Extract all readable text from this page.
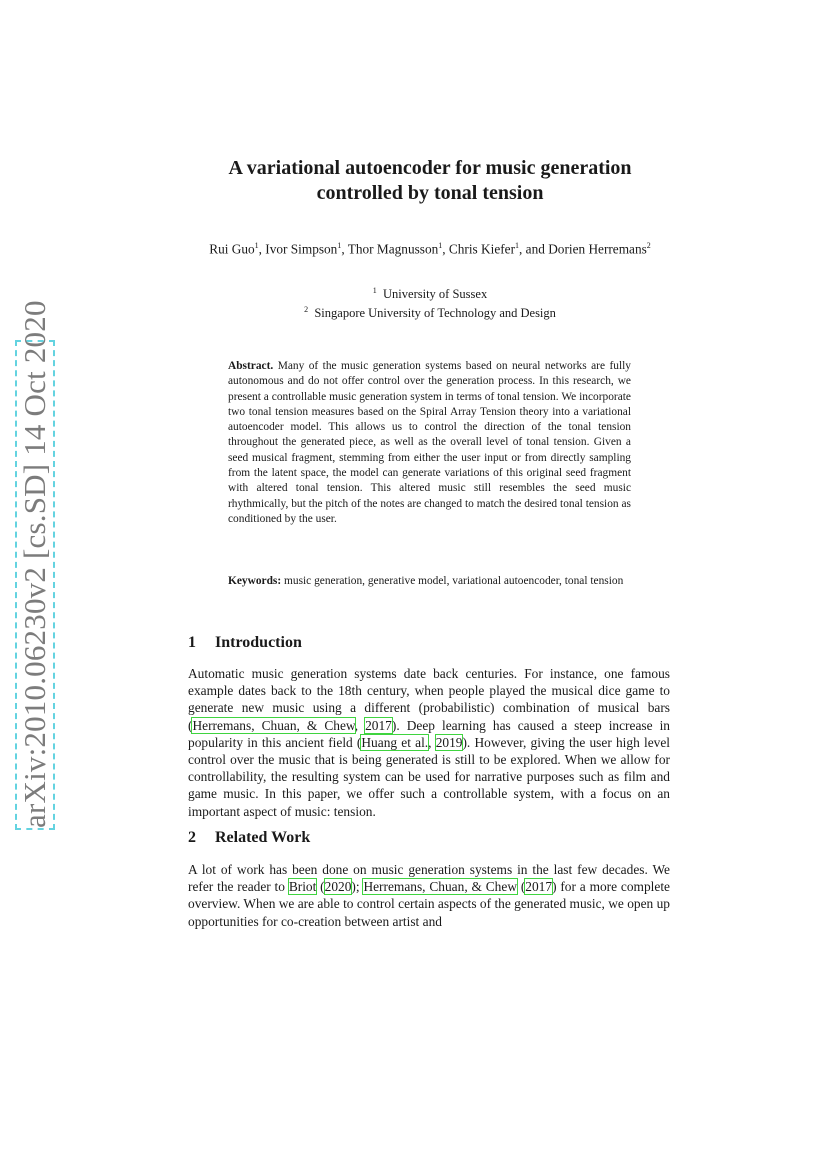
arXiv:2010.06230v2 [cs.SD] 14 Oct 2020
A variational autoencoder for music generation
controlled by tonal tension
Rui Guo$^1$, Ivor Simpson$^1$, Thor Magnusson$^1$, Chris Kiefer$^1$, and Dorien Herremans$^2$
$^1$ University of Sussex
$^2$ Singapore University of Technology and Design
Abstract. Many of the music generation systems based on neural networks are fully autonomous and do not offer control over the generation process. In this research, we present a controllable music generation system in terms of tonal tension. We incorporate two tonal tension measures based on the Spiral Array Tension theory into a variational autoencoder model. This allows us to control the direction of the tonal tension throughout the generated piece, as well as the overall level of tonal tension. Given a seed musical fragment, stemming from either the user input or from directly sampling from the latent space, the model can generate variations of this original seed fragment with altered tonal tension. This altered music still resembles the seed music rhythmically, but the pitch of the notes are changed to match the desired tonal tension as conditioned by the user.
Keywords: music generation, generative model, variational autoencoder, tonal tension
1 Introduction

Automatic music generation systems date back centuries. For instance, one famous example dates back to the 18th century, when people played the musical dice game to generate new music using a different (probabilistic) combination of musical bars (Herremans, Chuan, & Chew, 2017). Deep learning has caused a steep increase in popularity in this ancient field (Huang et al., 2019). However, giving the user high level control over the music that is being generated is still to be explored. When we allow for controllability, the resulting system can be used for narrative purposes such as film and game music. In this paper, we offer such a controllable system, with a focus on an important aspect of music: tension.

2 Related Work

A lot of work has been done on music generation systems in the last few decades. We refer the reader to Briot (2020); Herremans, Chuan, & Chew (2017) for a more complete overview. When we are able to control certain aspects of the generated music, we open up opportunities for co-creation between artist and
